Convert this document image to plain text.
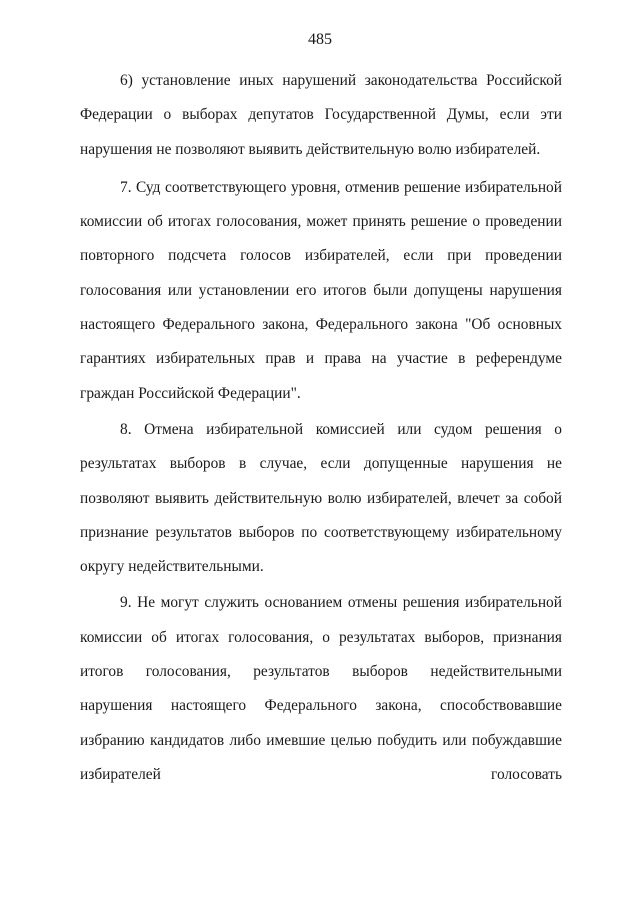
485

6) установление иных нарушений законодательства Российской Федерации о выборах депутатов Государственной Думы, если эти нарушения не позволяют выявить действительную волю избирателей.

7. Суд соответствующего уровня, отменив решение избирательной комиссии об итогах голосования, может принять решение о проведении повторного подсчета голосов избирателей, если при проведении голосования или установлении его итогов были допущены нарушения настоящего Федерального закона, Федерального закона "Об основных гарантиях избирательных прав и права на участие в референдуме граждан Российской Федерации".

8. Отмена избирательной комиссией или судом решения о результатах выборов в случае, если допущенные нарушения не позволяют выявить действительную волю избирателей, влечет за собой признание результатов выборов по соответствующему избирательному округу недействительными.

9. Не могут служить основанием отмены решения избирательной комиссии об итогах голосования, о результатах выборов, признания итогов голосования, результатов выборов недействительными нарушения настоящего Федерального закона, способствовавшие избранию кандидатов либо имевшие целью побудить или побуждавшие избирателей голосовать
